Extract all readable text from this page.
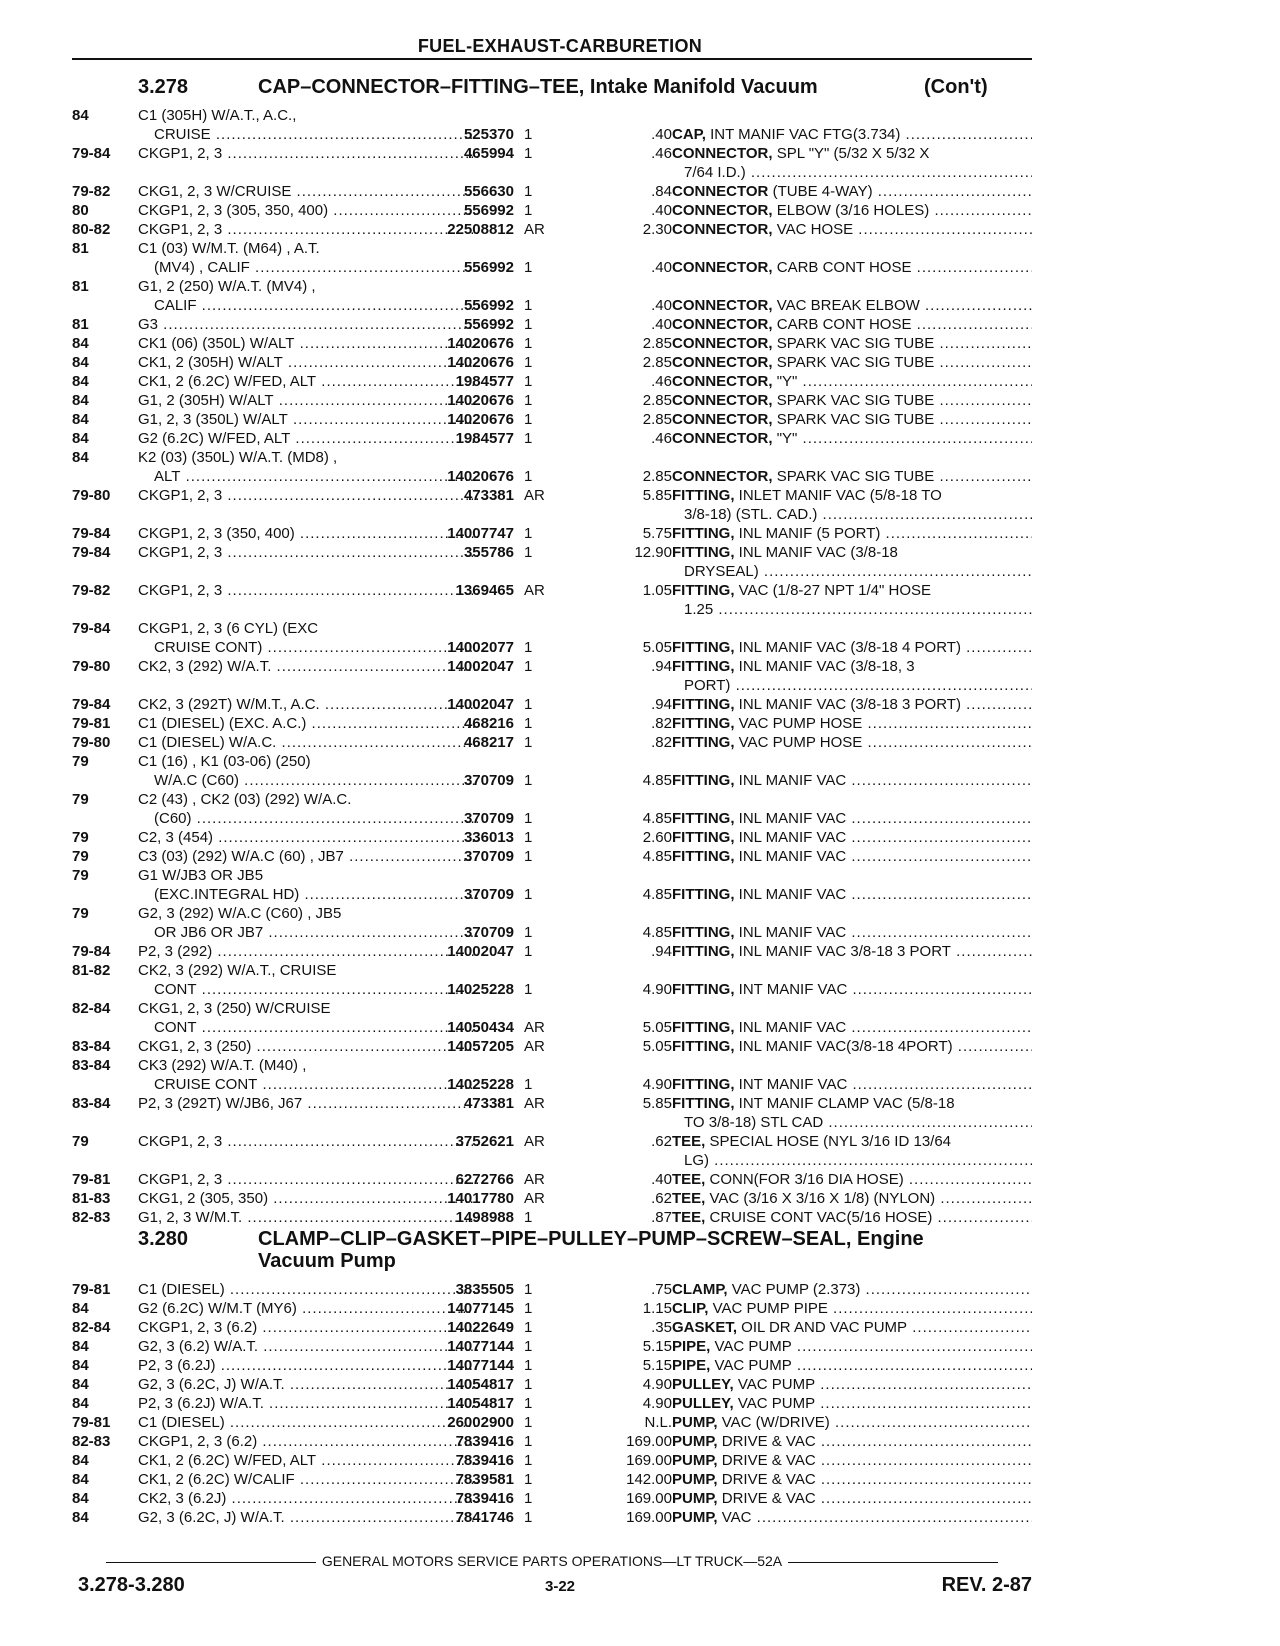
FUEL-EXHAUST-CARBURETION
3.278	CAP–CONNECTOR–FITTING–TEE, Intake Manifold Vacuum	(Con't)
84	C1 (305H) W/A.T., A.C.,
CRUISE .....	525370 1	.40 CAP, INT MANIF VAC FTG(3.734) .....
79-84 CKGP1, 2, 3 .....	465994 1	.46 CONNECTOR, SPL "Y" (5/32 X 5/32 X
7/64 I.D.) .....
79-82 CKG1, 2, 3 W/CRUISE .....	556630 1	.84 CONNECTOR (TUBE 4-WAY) .....
80	CKGP1, 2, 3 (305, 350, 400) .....	556992 1	.40 CONNECTOR, ELBOW (3/16 HOLES) .....
80-82 CKGP1, 2, 3 .....	22508812 AR	2.30 CONNECTOR, VAC HOSE .....
81	C1 (03) W/M.T. (M64) , A.T.
(MV4) , CALIF .....	556992 1	.40 CONNECTOR, CARB CONT HOSE .....
81	G1, 2 (250) W/A.T. (MV4) ,
CALIF .....	556992 1	.40 CONNECTOR, VAC BREAK ELBOW .....
81	G3 .....	556992 1	.40 CONNECTOR, CARB CONT HOSE .....
84	CK1 (06) (350L) W/ALT .....	14020676 1	2.85 CONNECTOR, SPARK VAC SIG TUBE .....
84	CK1, 2 (305H) W/ALT .....	14020676 1	2.85 CONNECTOR, SPARK VAC SIG TUBE .....
84	CK1, 2 (6.2C) W/FED, ALT .....	1984577 1	.46 CONNECTOR, "Y" .....
84	G1, 2 (305H) W/ALT .....	14020676 1	2.85 CONNECTOR, SPARK VAC SIG TUBE .....
84	G1, 2, 3 (350L) W/ALT .....	14020676 1	2.85 CONNECTOR, SPARK VAC SIG TUBE .....
84	G2 (6.2C) W/FED, ALT .....	1984577 1	.46 CONNECTOR, "Y" .....
84	K2 (03) (350L) W/A.T. (MD8) ,
ALT .....	14020676 1	2.85 CONNECTOR, SPARK VAC SIG TUBE .....
79-80 CKGP1, 2, 3 .....	473381 AR	5.85 FITTING, INLET MANIF VAC (5/8-18 TO
3/8-18) (STL. CAD.) .....
79-84 CKGP1, 2, 3 (350, 400) .....	14007747 1	5.75 FITTING, INL MANIF (5 PORT) .....
79-84 CKGP1, 2, 3 .....	355786 1	12.90 FITTING, INL MANIF VAC (3/8-18
DRYSEAL) .....
79-82 CKGP1, 2, 3 .....	1369465 AR	1.05 FITTING, VAC (1/8-27 NPT 1/4" HOSE
1.25 .....
79-84 CKGP1, 2, 3 (6 CYL) (EXC
CRUISE CONT) .....	14002077 1	5.05 FITTING, INL MANIF VAC (3/8-18 4 PORT) .....
79-80 CK2, 3 (292) W/A.T. .....	14002047 1	.94 FITTING, INL MANIF VAC (3/8-18, 3
PORT) .....
79-84 CK2, 3 (292T) W/M.T., A.C. .....	14002047 1	.94 FITTING, INL MANIF VAC (3/8-18 3 PORT) .....
79-81 C1 (DIESEL) (EXC. A.C.) .....	468216 1	.82 FITTING, VAC PUMP HOSE .....
79-80 C1 (DIESEL) W/A.C. .....	468217 1	.82 FITTING, VAC PUMP HOSE .....
79	C1 (16) , K1 (03-06) (250)
W/A.C (C60) .....	370709 1	4.85 FITTING, INL MANIF VAC .....
79	C2 (43) , CK2 (03) (292) W/A.C.
(C60) .....	370709 1	4.85 FITTING, INL MANIF VAC .....
79	C2, 3 (454) .....	336013 1	2.60 FITTING, INL MANIF VAC .....
79	C3 (03) (292) W/A.C (60) , JB7 .....	370709 1	4.85 FITTING, INL MANIF VAC .....
79	G1 W/JB3 OR JB5
(EXC.INTEGRAL HD) .....	370709 1	4.85 FITTING, INL MANIF VAC .....
79	G2, 3 (292) W/A.C (C60) , JB5
OR JB6 OR JB7 .....	370709 1	4.85 FITTING, INL MANIF VAC .....
79-84 P2, 3 (292) .....	14002047 1	.94 FITTING, INL MANIF VAC 3/8-18 3 PORT .....
81-82 CK2, 3 (292) W/A.T., CRUISE
CONT .....	14025228 1	4.90 FITTING, INT MANIF VAC .....
82-84 CKG1, 2, 3 (250) W/CRUISE
CONT .....	14050434 AR	5.05 FITTING, INL MANIF VAC .....
83-84 CKG1, 2, 3 (250) .....	14057205 AR	5.05 FITTING, INL MANIF VAC(3/8-18 4PORT) .....
83-84 CK3 (292) W/A.T. (M40) ,
CRUISE CONT .....	14025228 1	4.90 FITTING, INT MANIF VAC .....
83-84 P2, 3 (292T) W/JB6, J67 .....	473381 AR	5.85 FITTING, INT MANIF CLAMP VAC (5/8-18
TO 3/8-18) STL CAD .....
79	CKGP1, 2, 3 .....	3752621 AR	.62 TEE, SPECIAL HOSE (NYL 3/16 ID 13/64
LG) .....
79-81 CKGP1, 2, 3 .....	6272766 AR	.40 TEE, CONN(FOR 3/16 DIA HOSE) .....
81-83 CKG1, 2 (305, 350) .....	14017780 AR	.62 TEE, VAC (3/16 X 3/16 X 1/8) (NYLON) .....
82-83 G1, 2, 3 W/M.T. .....	1498988 1	.87 TEE, CRUISE CONT VAC(5/16 HOSE) .....
3.280	CLAMP–CLIP–GASKET–PIPE–PULLEY–PUMP–SCREW–SEAL, Engine
Vacuum Pump
79-81 C1 (DIESEL) .....	3835505 1	.75 CLAMP, VAC PUMP (2.373) .....
84	G2 (6.2C) W/M.T (MY6) .....	14077145 1	1.15 CLIP, VAC PUMP PIPE .....
82-84 CKGP1, 2, 3 (6.2) .....	14022649 1	.35 GASKET, OIL DR AND VAC PUMP .....
84	G2, 3 (6.2) W/A.T. .....	14077144 1	5.15 PIPE, VAC PUMP .....
84	P2, 3 (6.2J) .....	14077144 1	5.15 PIPE, VAC PUMP .....
84	G2, 3 (6.2C, J) W/A.T. .....	14054817 1	4.90 PULLEY, VAC PUMP .....
84	P2, 3 (6.2J) W/A.T. .....	14054817 1	4.90 PULLEY, VAC PUMP .....
79-81 C1 (DIESEL) .....	26002900 1	N.L. PUMP, VAC (W/DRIVE) .....
82-83 CKGP1, 2, 3 (6.2) .....	7839416 1	169.00 PUMP, DRIVE & VAC .....
84	CK1, 2 (6.2C) W/FED, ALT .....	7839416 1	169.00 PUMP, DRIVE & VAC .....
84	CK1, 2 (6.2C) W/CALIF .....	7839581 1	142.00 PUMP, DRIVE & VAC .....
84	CK2, 3 (6.2J) .....	7839416 1	169.00 PUMP, DRIVE & VAC .....
84	G2, 3 (6.2C, J) W/A.T. .....	7841746 1	169.00 PUMP, VAC .....
GENERAL MOTORS SERVICE PARTS OPERATIONS—LT TRUCK—52A
3.278-3.280	3-22	REV. 2-87
